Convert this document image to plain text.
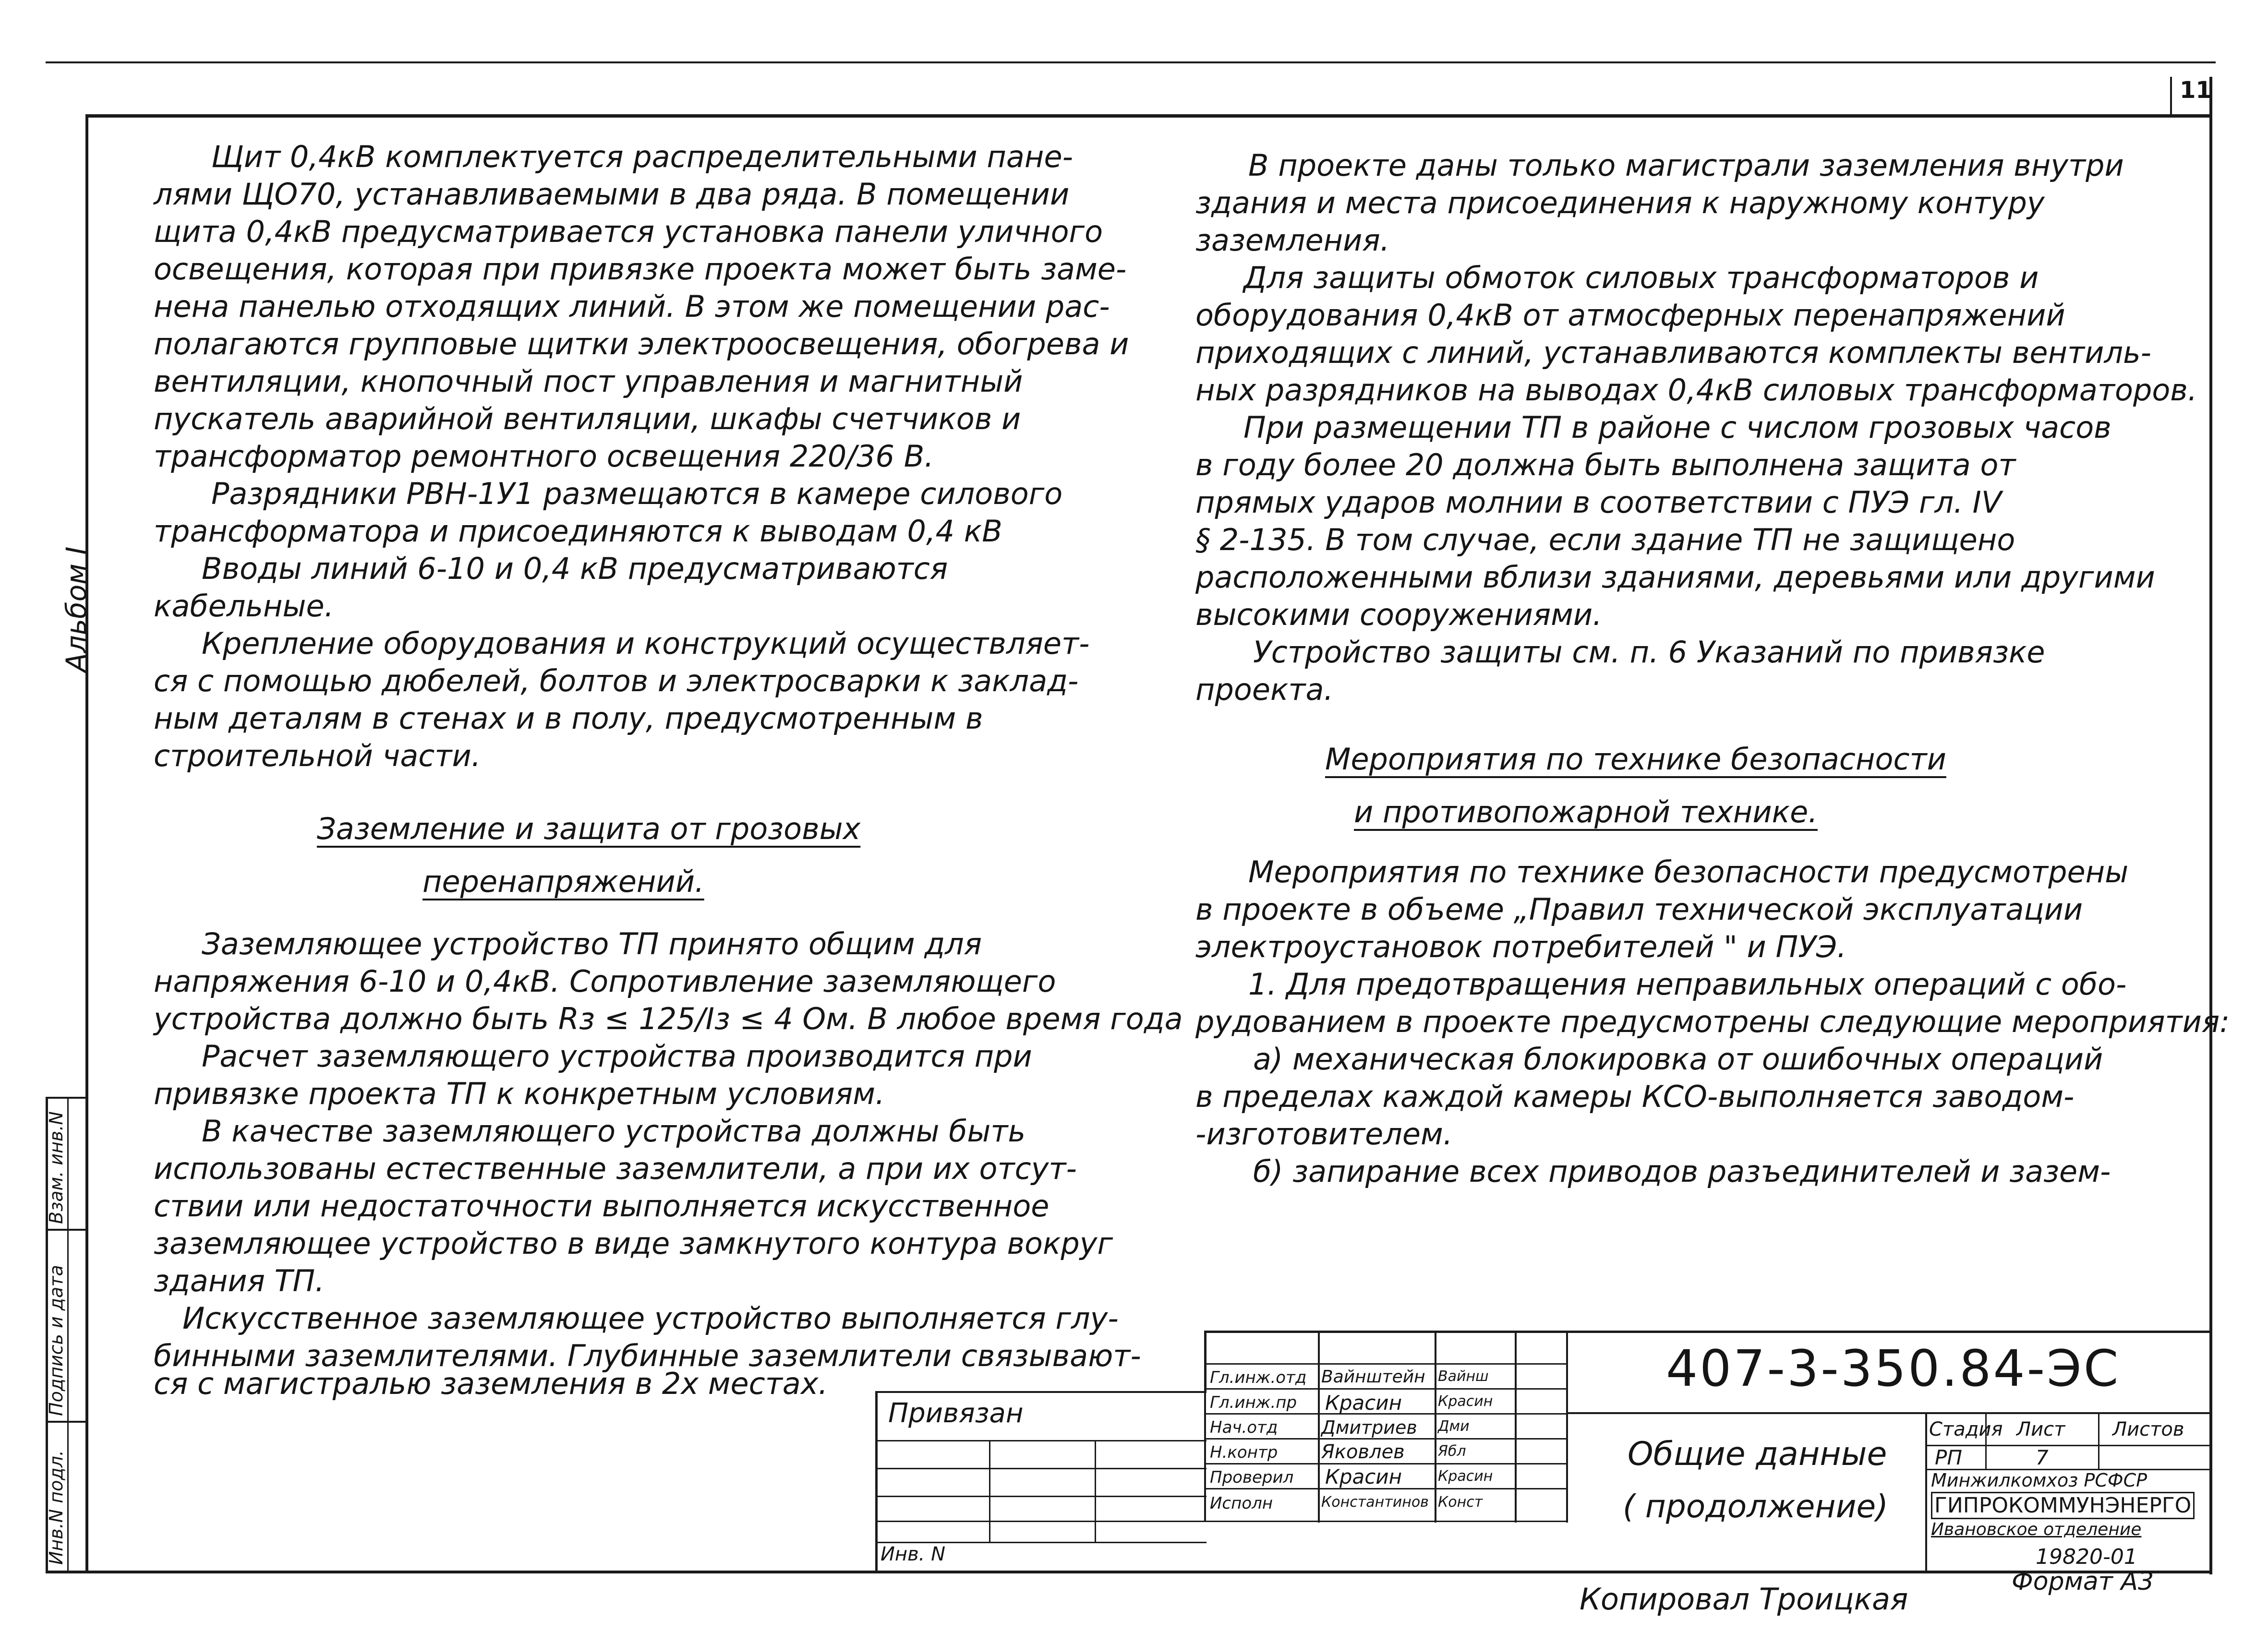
11
Инв.N подл.
Подпись и дата
Взам. инв.N
Альбом I
Щит 0,4кВ комплектуется распределительными пане-
лями ЩО70, устанавливаемыми в два ряда. В помещении
щита 0,4кВ предусматривается установка панели уличного
освещения, которая при привязке проекта может быть заме-
нена панелью отходящих линий. В этом же помещении рас-
полагаются групповые щитки электроосвещения, обогрева и
вентиляции, кнопочный пост управления и магнитный
пускатель аварийной вентиляции, шкафы счетчиков и
трансформатор ремонтного освещения 220/36 В.
Разрядники РВН-1У1 размещаются в камере силового
трансформатора и присоединяются к выводам 0,4 кВ
Вводы линий 6-10 и 0,4 кВ предусматриваются
кабельные.
Крепление оборудования и конструкций осуществляет-
ся с помощью дюбелей, болтов и электросварки к заклад-
ным деталям в стенах и в полу, предусмотренным в
строительной части.
Заземление и защита от грозовых
перенапряжений.
Заземляющее устройство ТП принято общим для
напряжения 6-10 и 0,4кВ. Сопротивление заземляющего
устройства должно быть Rз ≤ 125/Iз ≤ 4 Ом. В любое время года
Расчет заземляющего устройства производится при
привязке проекта ТП к конкретным условиям.
В качестве заземляющего устройства должны быть
использованы естественные заземлители, а при их отсут-
ствии или недостаточности выполняется искусственное
заземляющее устройство в виде замкнутого контура вокруг
здания ТП.
Искусственное заземляющее устройство выполняется глу-
бинными заземлителями. Глубинные заземлители связывают-
ся с магистралью заземления в 2х местах.
В проекте даны только магистрали заземления внутри
здания и места присоединения к наружному контуру
заземления.
Для защиты обмоток силовых трансформаторов и
оборудования 0,4кВ от атмосферных перенапряжений
приходящих с линий, устанавливаются комплекты вентиль-
ных разрядников на выводах 0,4кВ силовых трансформаторов.
При размещении ТП в районе с числом грозовых часов
в году более 20 должна быть выполнена защита от
прямых ударов молнии в соответствии с ПУЭ гл. IV
§ 2-135. В том случае, если здание ТП не защищено
расположенными вблизи зданиями, деревьями или другими
высокими сооружениями.
Устройство защиты см. п. 6 Указаний по привязке
проекта.
Мероприятия по технике безопасности
и противопожарной технике.
Мероприятия по технике безопасности предусмотрены
в проекте в объеме „Правил технической эксплуатации
электроустановок потребителей " и ПУЭ.
1. Для предотвращения неправильных операций с обо-
рудованием в проекте предусмотрены следующие мероприятия:
а) механическая блокировка от ошибочных операций
в пределах каждой камеры КСО-выполняется заводом-
-изготовителем.
б) запирание всех приводов разъединителей и зазем-
Привязан
Инв. N
Гл.инж.отд Вайнштейн Вайнш
Гл.инж.пр Красин Красин
Нач.отд Дмитриев Дми
Н.контр Яковлев Ябл
Проверил Красин Красин
Исполн	Константинов Конст
407-3-350.84-ЭС
Общие данные
( продолжение)
Стадия Лист Листов
РП	7
Минжилкомхоз РСФСР
ГИПРОКОММУНЭНЕРГО
Ивановское отделение
Копировал Троицкая
19820-01
Формат А3
